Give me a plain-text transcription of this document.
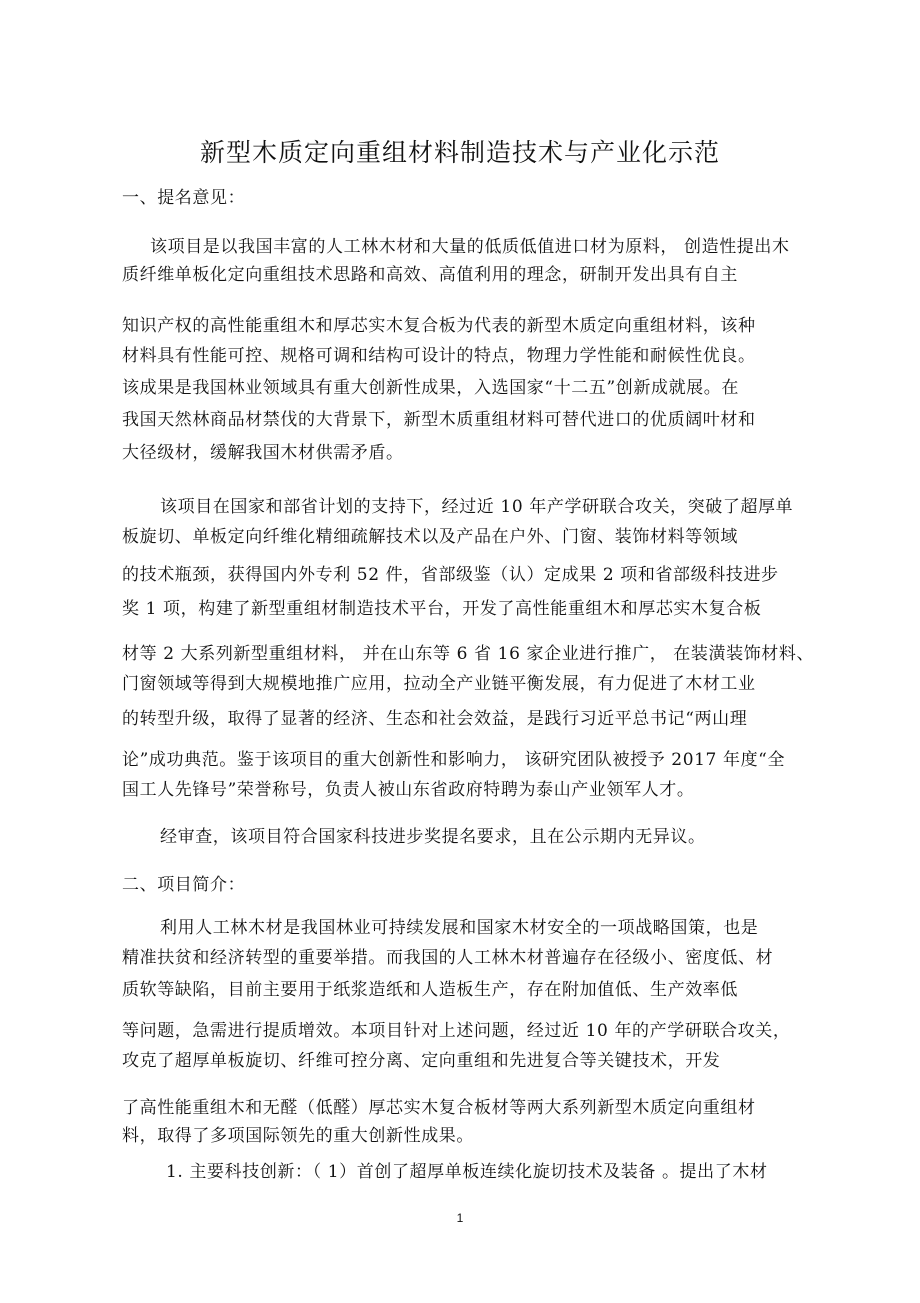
新型木质定向重组材料制造技术与产业化示范
一、提名意见：
该项目是以我国丰富的人工林木材和大量的低质低值进口材为原料， 创造性提出木
质纤维单板化定向重组技术思路和高效、高值利用的理念，研制开发出具有自主
知识产权的高性能重组木和厚芯实木复合板为代表的新型木质定向重组材料，该种
材料具有性能可控、规格可调和结构可设计的特点，物理力学性能和耐候性优良。
该成果是我国林业领域具有重大创新性成果，入选国家“十二五”创新成就展。在
我国天然林商品材禁伐的大背景下，新型木质重组材料可替代进口的优质阔叶材和
大径级材，缓解我国木材供需矛盾。
该项目在国家和部省计划的支持下，经过近 10 年产学研联合攻关，突破了超厚单
板旋切、单板定向纤维化精细疏解技术以及产品在户外、门窗、装饰材料等领域
的技术瓶颈，获得国内外专利 52 件，省部级鉴（认）定成果 2 项和省部级科技进步
奖 1 项，构建了新型重组材制造技术平台，开发了高性能重组木和厚芯实木复合板
材等 2 大系列新型重组材料， 并在山东等 6 省 16 家企业进行推广， 在装潢装饰材料、
门窗领域等得到大规模地推广应用，拉动全产业链平衡发展，有力促进了木材工业
的转型升级，取得了显著的经济、生态和社会效益，是践行习近平总书记“两山理
论”成功典范。鉴于该项目的重大创新性和影响力， 该研究团队被授予 2017 年度“全
国工人先锋号”荣誉称号，负责人被山东省政府特聘为泰山产业领军人才。
经审查，该项目符合国家科技进步奖提名要求，且在公示期内无异议。
二、项目简介：
利用人工林木材是我国林业可持续发展和国家木材安全的一项战略国策，也是
精准扶贫和经济转型的重要举措。而我国的人工林木材普遍存在径级小、密度低、材
质软等缺陷，目前主要用于纸浆造纸和人造板生产，存在附加值低、生产效率低
等问题，急需进行提质增效。本项目针对上述问题，经过近 10 年的产学研联合攻关，
攻克了超厚单板旋切、纤维可控分离、定向重组和先进复合等关键技术，开发
了高性能重组木和无醛（低醛）厚芯实木复合板材等两大系列新型木质定向重组材
料，取得了多项国际领先的重大创新性成果。
1. 主要科技创新：（ 1）首创了超厚单板连续化旋切技术及装备 。提出了木材
1
